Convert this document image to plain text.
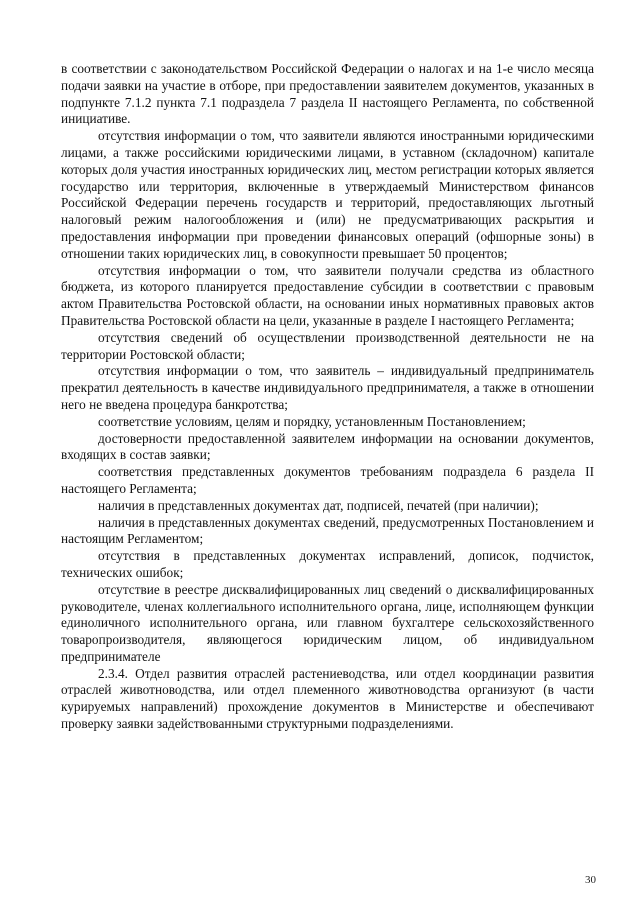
в соответствии с законодательством Российской Федерации о налогах и на 1-е число месяца подачи заявки на участие в отборе, при предоставлении заявителем документов, указанных в подпункте 7.1.2 пункта 7.1 подраздела 7 раздела II настоящего Регламента, по собственной инициативе.

отсутствия информации о том, что заявители являются иностранными юридическими лицами, а также российскими юридическими лицами, в уставном (складочном) капитале которых доля участия иностранных юридических лиц, местом регистрации которых является государство или территория, включенные в утверждаемый Министерством финансов Российской Федерации перечень государств и территорий, предоставляющих льготный налоговый режим налогообложения и (или) не предусматривающих раскрытия и предоставления информации при проведении финансовых операций (офшорные зоны) в отношении таких юридических лиц, в совокупности превышает 50 процентов;

отсутствия информации о том, что заявители получали средства из областного бюджета, из которого планируется предоставление субсидии в соответствии с правовым актом Правительства Ростовской области, на основании иных нормативных правовых актов Правительства Ростовской области на цели, указанные в разделе I настоящего Регламента;

отсутствия сведений об осуществлении производственной деятельности не на территории Ростовской области;

отсутствия информации о том, что заявитель – индивидуальный предприниматель прекратил деятельность в качестве индивидуального предпринимателя, а также в отношении него не введена процедура банкротства;

соответствие условиям, целям и порядку, установленным Постановлением;

достоверности предоставленной заявителем информации на основании документов, входящих в состав заявки;

соответствия представленных документов требованиям подраздела 6 раздела II настоящего Регламента;

наличия в представленных документах дат, подписей, печатей (при наличии);

наличия в представленных документах сведений, предусмотренных Постановлением и настоящим Регламентом;

отсутствия в представленных документах исправлений, дописок, подчисток, технических ошибок;

отсутствие в реестре дисквалифицированных лиц сведений о дисквалифицированных руководителе, членах коллегиального исполнительного органа, лице, исполняющем функции единоличного исполнительного органа, или главном бухгалтере сельскохозяйственного товаропроизводителя, являющегося юридическим лицом, об индивидуальном предпринимателе

2.3.4. Отдел развития отраслей растениеводства, или отдел координации развития отраслей животноводства, или отдел племенного животноводства организуют (в части курируемых направлений) прохождение документов в Министерстве и обеспечивают проверку заявки задействованными структурными подразделениями.

30
